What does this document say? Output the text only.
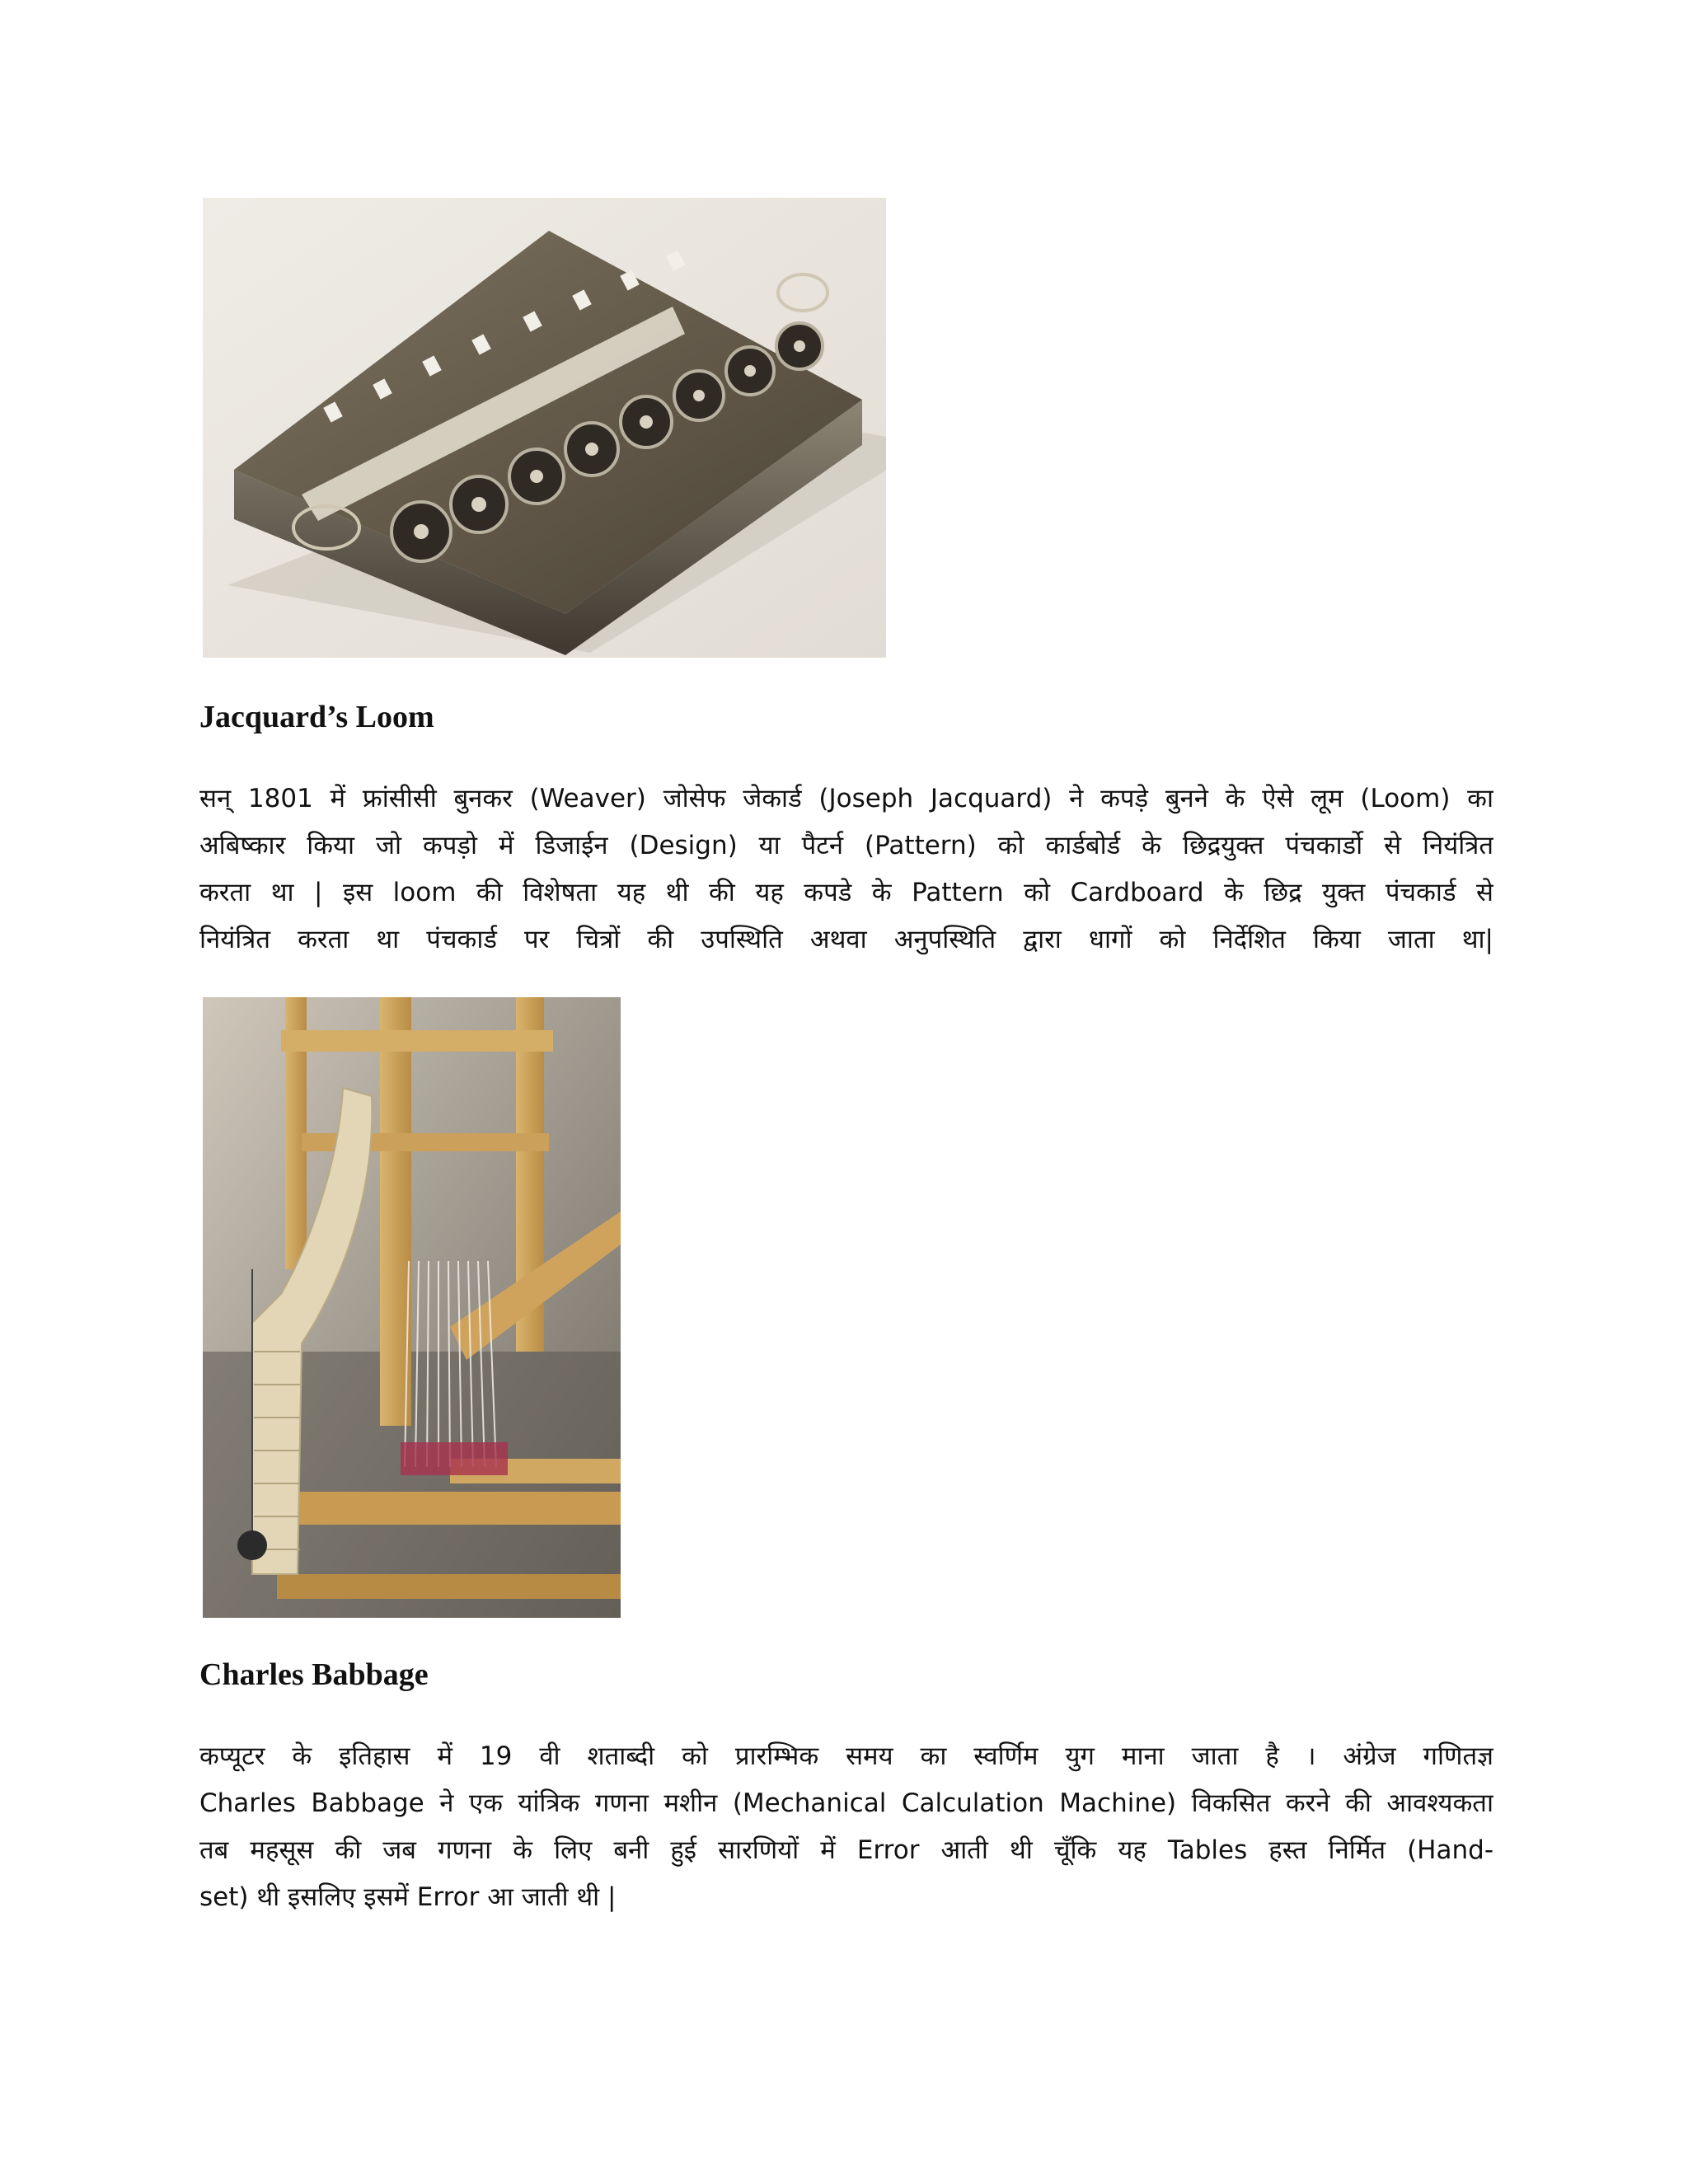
Jacquard’s Loom
सन् 1801 में फ्रांसीसी बुनकर (Weaver) जोसेफ जेकार्ड (Joseph Jacquard) ने कपड़े बुनने के ऐसे लूम (Loom) का
अबिष्कार किया जो कपड़ो में डिजाईन (Design) या पैटर्न (Pattern) को कार्डबोर्ड के छिद्रयुक्त पंचकार्डो से नियंत्रित
करता था | इस loom की विशेषता यह थी की यह कपडे के Pattern को Cardboard के छिद्र युक्त पंचकार्ड से
नियंत्रित करता था पंचकार्ड पर चित्रों की उपस्थिति अथवा अनुपस्थिति द्वारा धागों को निर्देशित किया जाता था|
Charles Babbage
कप्यूटर के इतिहास में 19 वी शताब्दी को प्रारम्भिक समय का स्वर्णिम युग माना जाता है । अंग्रेज गणितज्ञ
Charles Babbage ने एक यांत्रिक गणना मशीन (Mechanical Calculation Machine) विकसित करने की आवश्यकता
तब महसूस की जब गणना के लिए बनी हुई सारणियों में Error आती थी चूँकि यह Tables हस्त निर्मित (Hand-
set) थी इसलिए इसमें Error आ जाती थी |
